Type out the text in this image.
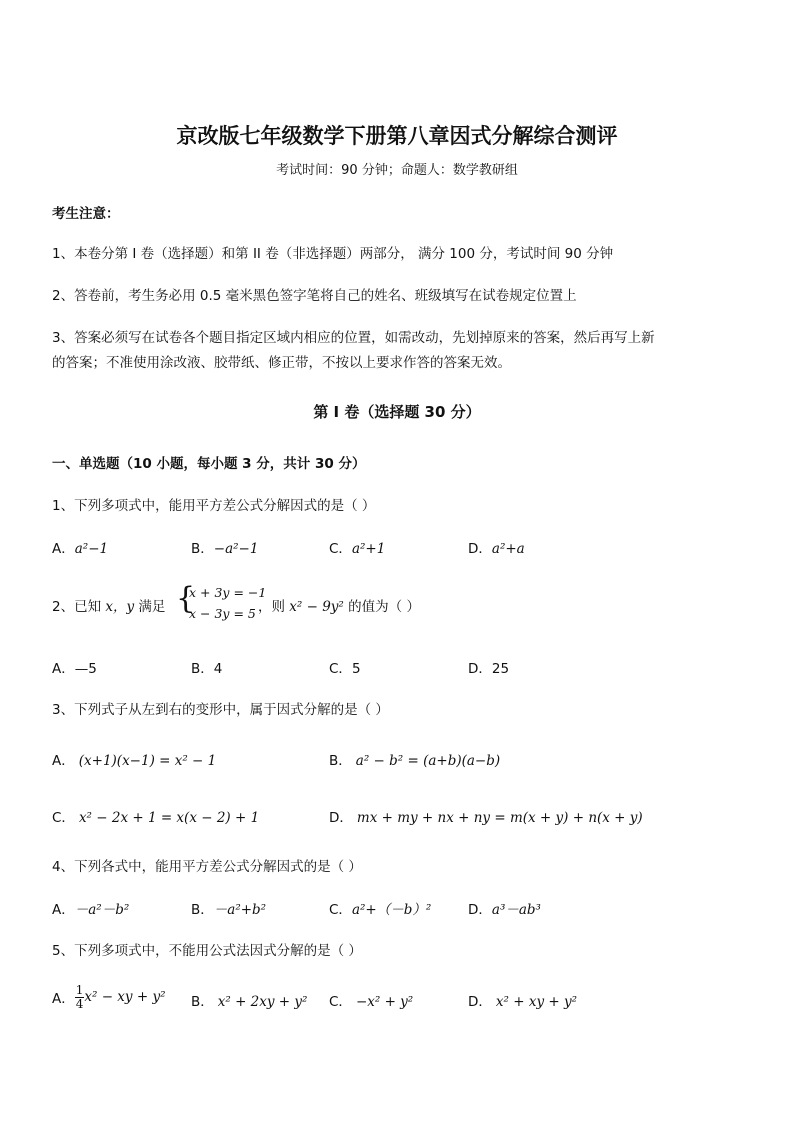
京改版七年级数学下册第八章因式分解综合测评
考试时间：90 分钟；命题人：数学教研组
考生注意：
1、本卷分第 I 卷（选择题）和第 II 卷（非选择题）两部分， 满分 100 分，考试时间 90 分钟
2、答卷前，考生务必用 0.5 毫米黑色签字笔将自己的姓名、班级填写在试卷规定位置上
3、答案必须写在试卷各个题目指定区域内相应的位置，如需改动，先划掉原来的答案，然后再写上新
的答案；不准使用涂改液、胶带纸、修正带，不按以上要求作答的答案无效。
第 I 卷（选择题 30 分）
一、单选题（10 小题，每小题 3 分，共计 30 分）
1、下列多项式中，能用平方差公式分解因式的是（ ）
A．a²−1	B．−a²−1	C．a²+1	D．a²+a
2、已知 x，y 满足 {
x + 3y = −1
x − 3y = 5 ，则 x² − 9y² 的值为（ ）
A．—5	B．4	C．5	D．25
3、下列式子从左到右的变形中，属于因式分解的是（ ）
A． (x+1)(x−1) = x² − 1	B． a² − b² = (a+b)(a−b)
C． x² − 2x + 1 = x(x − 2) + 1	D． mx + my + nx + ny = m(x + y) + n(x + y)
4、下列各式中，能用平方差公式分解因式的是（ ）
A．－a²－b²	B．－a²+b²	C．a²+（－b）²	D．a³－ab³
5、下列多项式中，不能用公式法因式分解的是（ ）
A． $\frac{1}{4} x^2$ − xy + y² B． x² + 2xy + y² C． −x² + y²	D． x² + xy + y²
